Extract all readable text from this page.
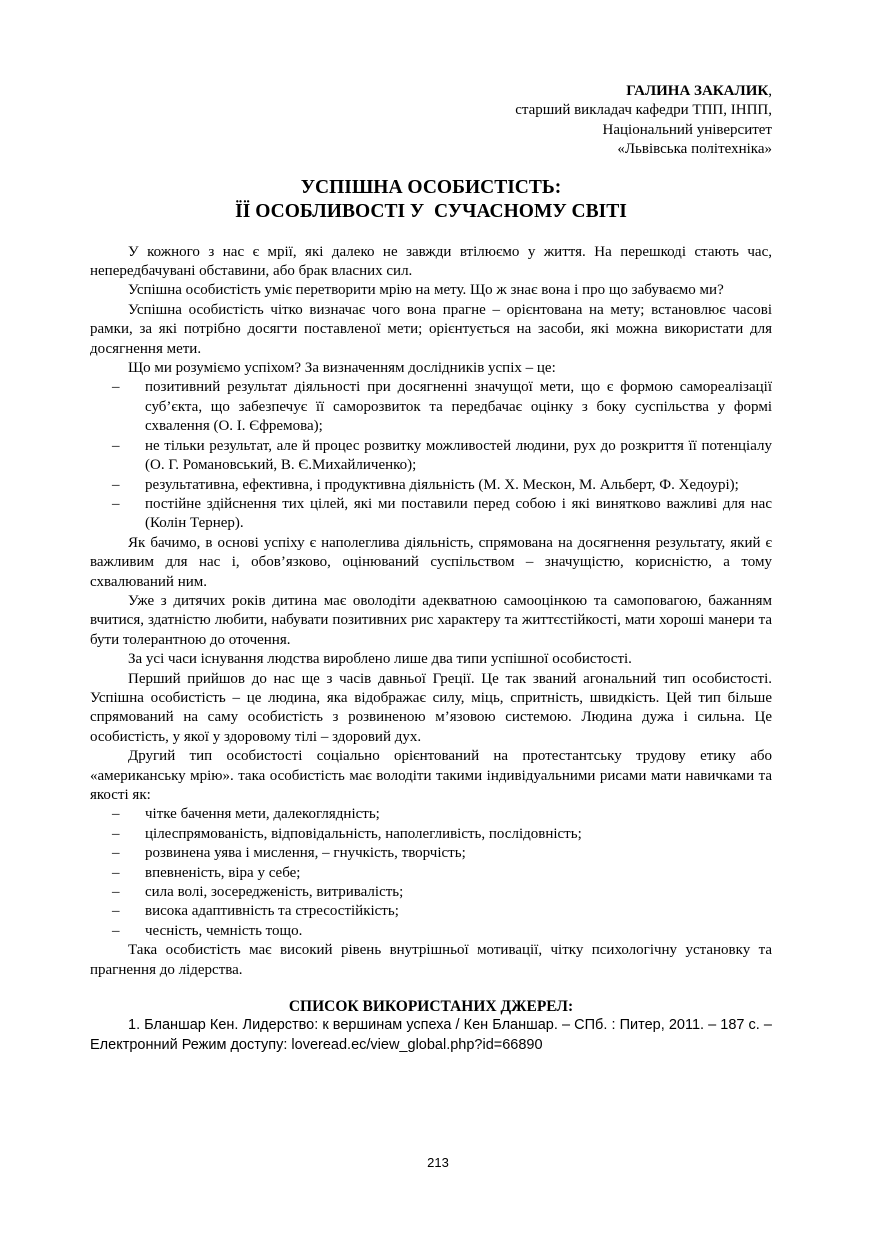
ГАЛИНА ЗАКАЛИК,
старший викладач кафедри ТПП, ІНПП,
Національний університет
«Львівська політехніка»
УСПІШНА ОСОБИСТІСТЬ:
ЇЇ ОСОБЛИВОСТІ У  СУЧАСНОМУ СВІТІ

У кожного з нас є мрії, які далеко не завжди втілюємо у життя. На перешкоді стають час, непередбачувані обставини, або брак власних сил.

Успішна особистість уміє перетворити мрію на мету. Що ж знає вона і про що забуваємо ми?

Успішна особистість чітко визначає чого вона прагне – орієнтована на мету; встановлює часові рамки, за які потрібно досягти поставленої мети; орієнтується на засоби, які можна використати для досягнення мети.

Що ми розуміємо успіхом? За визначенням дослідників успіх – це:

– позитивний результат діяльності при досягненні значущої мети, що є формою самореалізації суб’єкта, що забезпечує її саморозвиток та передбачає оцінку з боку суспільства у формі схвалення (О. І. Єфремова);
– не тільки результат, але й процес розвитку можливостей людини, рух до розкриття її потенціалу (О. Г. Романовський, В. Є.Михайличенко);
– результативна, ефективна, і продуктивна діяльність (М. Х. Мескон, М. Альберт, Ф. Хедоурі);
– постійне здійснення тих цілей, які ми поставили перед собою і які винятково важливі для нас (Колін Тернер).

Як бачимо, в основі успіху є наполеглива діяльність, спрямована на досягнення результату, який є важливим для нас і, обов’язково, оцінюваний суспільством – значущістю, корисністю, а тому схвалюваний ним.

Уже з дитячих років дитина має оволодіти адекватною самооцінкою та самоповагою, бажанням вчитися, здатністю любити, набувати позитивних рис характеру та життєстійкості, мати хороші манери та бути толерантною до оточення.

За усі часи існування людства вироблено лише два типи успішної особистості.

Перший прийшов до нас ще з часів давньої Греції. Це так званий агональний тип особистості. Успішна особистість – це людина, яка відображає силу, міць, спритність, швидкість. Цей тип більше спрямований на саму особистість з розвиненою м’язовою системою. Людина дужа і сильна. Це особистість, у якої у здоровому тілі – здоровий дух.

Другий тип особистості соціально орієнтований на протестантську трудову етику або «американську мрію». така особистість має володіти такими індивідуальними рисами мати навичками та якості як:

– чітке бачення мети, далекоглядність;
– цілеспрямованість, відповідальність, наполегливість, послідовність;
– розвинена уява і мислення, – гнучкість, творчість;
– впевненість, віра у себе;
– сила волі, зосередженість, витривалість;
– висока адаптивність та стресостійкість;
– чесність, чемність тощо.

Така особистість має високий рівень внутрішньої мотивації, чітку психологічну установку та прагнення до лідерства.

СПИСОК ВИКОРИСТАНИХ ДЖЕРЕЛ:

1. Бланшар Кен. Лидерство: к вершинам успеха / Кен Бланшар. – СПб. : Питер, 2011. – 187 с. – Електронний Режим доступу: loveread.ec/view_global.php?id=66890

213
